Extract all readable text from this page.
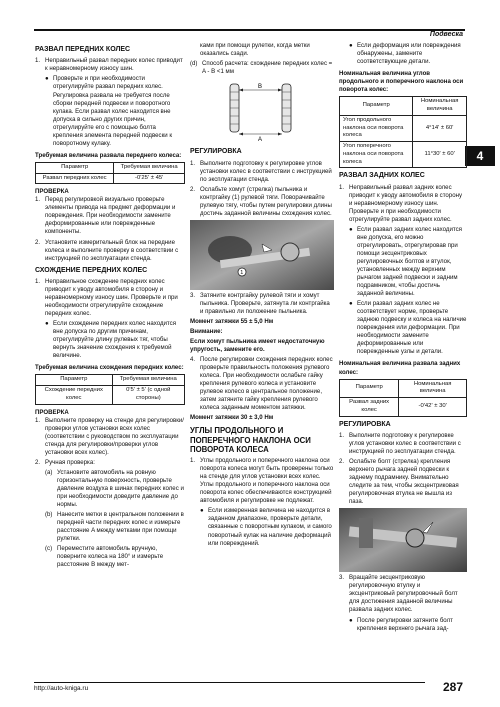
Подвеска
4
РАЗВАЛ ПЕРЕДНИХ КОЛЕС
1. Неправильный развал передних колес приводит к неравномерному износу шин.
● Проверьте и при необходимости отрегулируйте развал передних колес. Регулировка развала не требуется после сборки передней подвески и поворотного кулака. Если развал колес находится вне допуска в сильно других причин, отрегулируйте его с помощью болта крепления элемента передней подвески к поворотному кулаку.
Требуемая величина развала переднего колеса:
Параметр	Требуемая величина
Развал передних колес	-0'25' ± 45'
ПРОВЕРКА
1. Перед регулировкой визуально проверьте элементы привода на предмет деформации и повреждения. При необходимости замените деформированные или поврежденные компоненты.
2. Установите измерительный блок на передние колеса и выполните проверку в соответствии с инструкцией по эксплуатации стенда.
СХОЖДЕНИЕ ПЕРЕДНИХ КОЛЕС
1. Неправильное схождение передних колес приводит к уводу автомобиля в сторону и неравномерному износу шин. Проверьте и при необходимости отрегулируйте схождение передних колес.
● Если схождение передних колес находится вне допуска по другим причинам, отрегулируйте длину рулевых тяг, чтобы вернуть значение схождения к требуемой величине.
Требуемая величина схождения передних колес:
Параметр	Требуемая величина
Схождение передних колес	0'5' ± 5' (с одной стороны)
ПРОВЕРКА
1. Выполните проверку на стенде для регулировки/проверки углов установки всех колес (соответствии с руководством по эксплуатации стенда для регулировки/проверки углов установки всех колес).
2. Ручная проверка:
(a) Установите автомобиль на ровную горизонтальную поверхность, проверьте давление воздуха в шинах передних колес и при необходимости доведите давление до нормы.
(b) Нанесите метки в центральном положении в передней части передних колес и измерьте расстояние A между метками при помощи рулетки.
(c) Переместите автомобиль вручную, поверните колеса на 180° и измерьте расстояние B между мет-

ками при помощи рулетки, когда метки оказались сзади.

(d) Способ расчета: схождение передних колес = A - B <1 мм
B
A
РЕГУЛИРОВКА
1. Выполните подготовку к регулировке углов установки колес в соответствии с инструкцией по эксплуатации стенда.
2. Ослабьте хомут (стрелка) пыльника и контргайку (1) рулевой тяги. Поворачивайте рулевую тягу, чтобы путем регулировки длины достичь заданной величины схождения колес.
1
3. Затяните контргайку рулевой тяги и хомут пыльника. Проверьте, затянута ли контргайка и правильно ли положение пыльника.

Момент затяжки 55 ± 5,0 Нм

Внимание:

Если хомут пыльника имеет недостаточную упругость, замените его.

4. После регулировки схождения передних колес проверьте правильность положения рулевого колеса. При необходимости ослабьте гайку крепления рулевого колеса и установите рулевое колесо в центральное положение, затем затяните гайку крепления рулевого колеса заданным моментом затяжки.

Момент затяжки 30 ± 3,0 Нм

УГЛЫ ПРОДОЛЬНОГО И ПОПЕРЕЧНОГО НАКЛОНА ОСИ ПОВОРОТА КОЛЕСА
1. Углы продольного и поперечного наклона оси поворота колеса могут быть проверены только на стенде для углов установки всех колес. Углы продольного и поперечного наклона оси поворота колес обеспечиваются конструкцией автомобиля и регулировке не подлежат.
● Если измеренная величина не находится в заданном диапазоне, проверьте детали, связанные с поворотным кулаком, и самого поворотный кулак на наличие деформаций или повреждений.
● Если деформация или повреждения обнаружены, замените соответствующие детали.
Номинальная величина углов продольного и поперечного наклона оси поворота колес:
Параметр	Номинальная величина
Угол продольного наклона оси поворота колеса	4°14' ± 60'
Угол поперечного наклона оси поворота колеса	11°30' ± 60'
РАЗВАЛ ЗАДНИХ КОЛЕС
1. Неправильный развал задних колес приводит к уводу автомобиля в сторону и неравномерному износу шин. Проверьте и при необходимости отрегулируйте развал задних колес.
● Если развал задних колес находится вне допуска, его можно отрегулировать, отрегулировав при помощи эксцентриковых регулировочных болтов и втулок, установленных между верхним рычагом задней подвески и задним подрамником, чтобы достичь заданной величины.
● Если развал задних колес не соответствует норме, проверьте заднюю подвеску и колеса на наличие повреждения или деформации. При необходимости замените деформированные или поврежденные узлы и детали.
Номинальная величина развала задних колес:
Параметр	Номинальная величина
Развал задних колес	-0'42' ± 30'
РЕГУЛИРОВКА
1. Выполните подготовку к регулировке углов установки колес в соответствии с инструкцией по эксплуатации стенда.
2. Ослабьте болт (стрелка) крепления верхнего рычага задней подвески к заднему подрамнику. Внимательно следите за тем, чтобы эксцентриковая регулировочная втулка не вышла из паза.
3. Вращайте эксцентриковую регулировочную втулку и эксцентриковый регулировочный болт для достижения заданной величины развала задних колес.
● После регулировки затяните болт крепления верхнего рычага зад-
http://auto-kniga.ru	287
